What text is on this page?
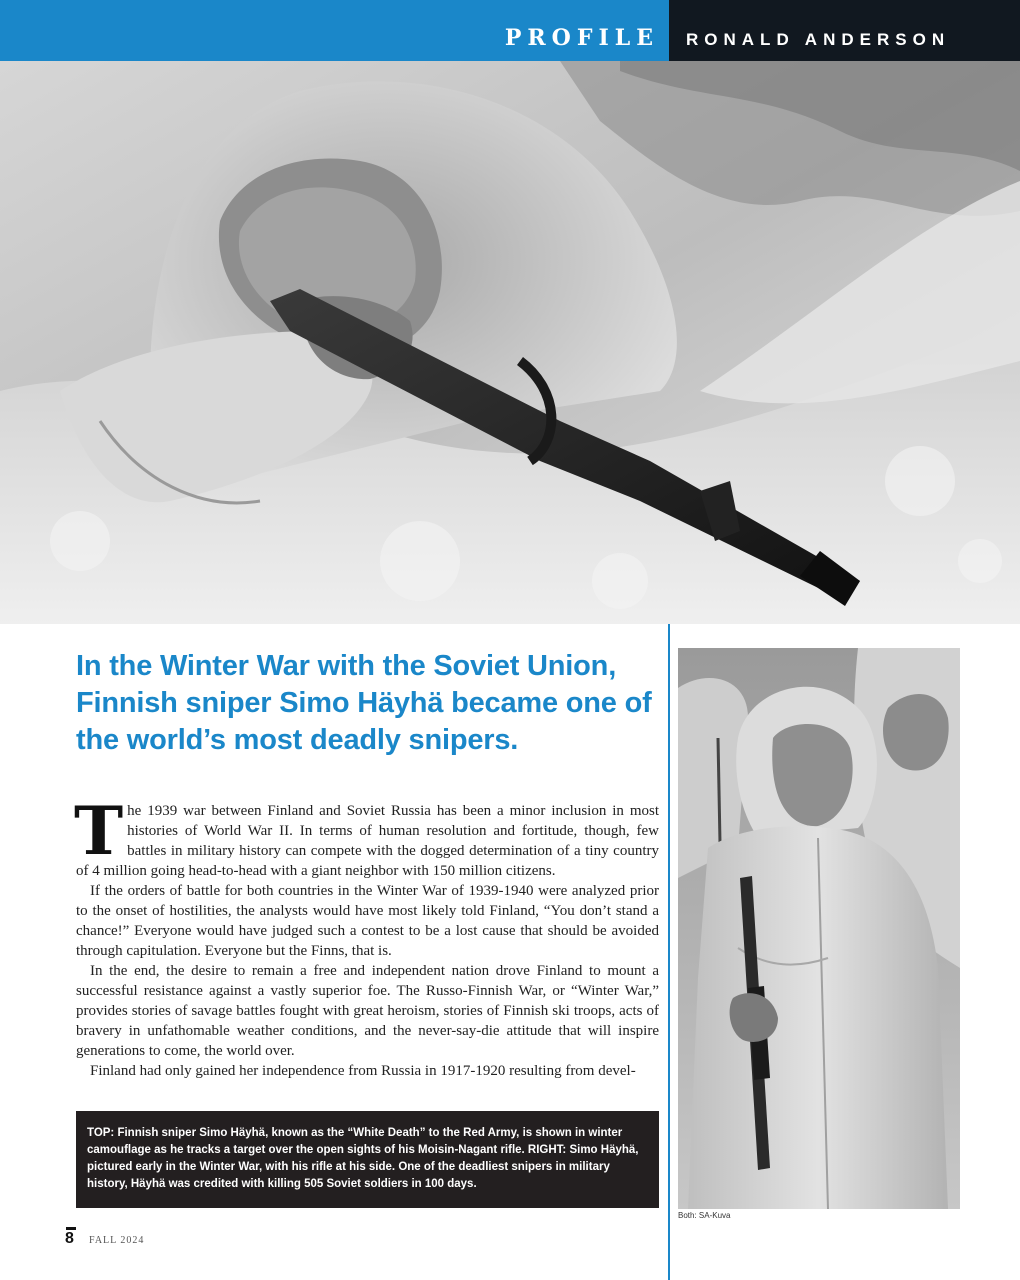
PROFILE RONALD ANDERSON
In the Winter War with the Soviet Union, Finnish sniper Simo Häyhä became one of the world’s most deadly snipers.

The 1939 war between Finland and Soviet Russia has been a minor inclusion in most histories of World War II. In terms of human resolution and fortitude, though, few battles in military history can compete with the dogged determination of a tiny country of 4 million going head-to-head with a giant neighbor with 150 million citizens.

If the orders of battle for both countries in the Winter War of 1939-1940 were analyzed prior to the onset of hostilities, the analysts would have most likely told Finland, “You don’t stand a chance!” Everyone would have judged such a contest to be a lost cause that should be avoided through capitulation. Everyone but the Finns, that is.

In the end, the desire to remain a free and independent nation drove Finland to mount a successful resistance against a vastly superior foe. The Russo-Finnish War, or “Winter War,” provides stories of savage battles fought with great heroism, stories of Finnish ski troops, acts of bravery in unfathomable weather conditions, and the never-say-die attitude that will inspire generations to come, the world over.

Finland had only gained her independence from Russia in 1917-1920 resulting from devel-

TOP: Finnish sniper Simo Häyhä, known as the “White Death” to the Red Army, is shown in winter camouflage as he tracks a target over the open sights of his Moisin-Nagant rifle. RIGHT: Simo Häyhä, pictured early in the Winter War, with his rifle at his side. One of the deadliest snipers in military history, Häyhä was credited with killing 505 Soviet soldiers in 100 days.
8 FALL 2024
Both: SA-Kuva
